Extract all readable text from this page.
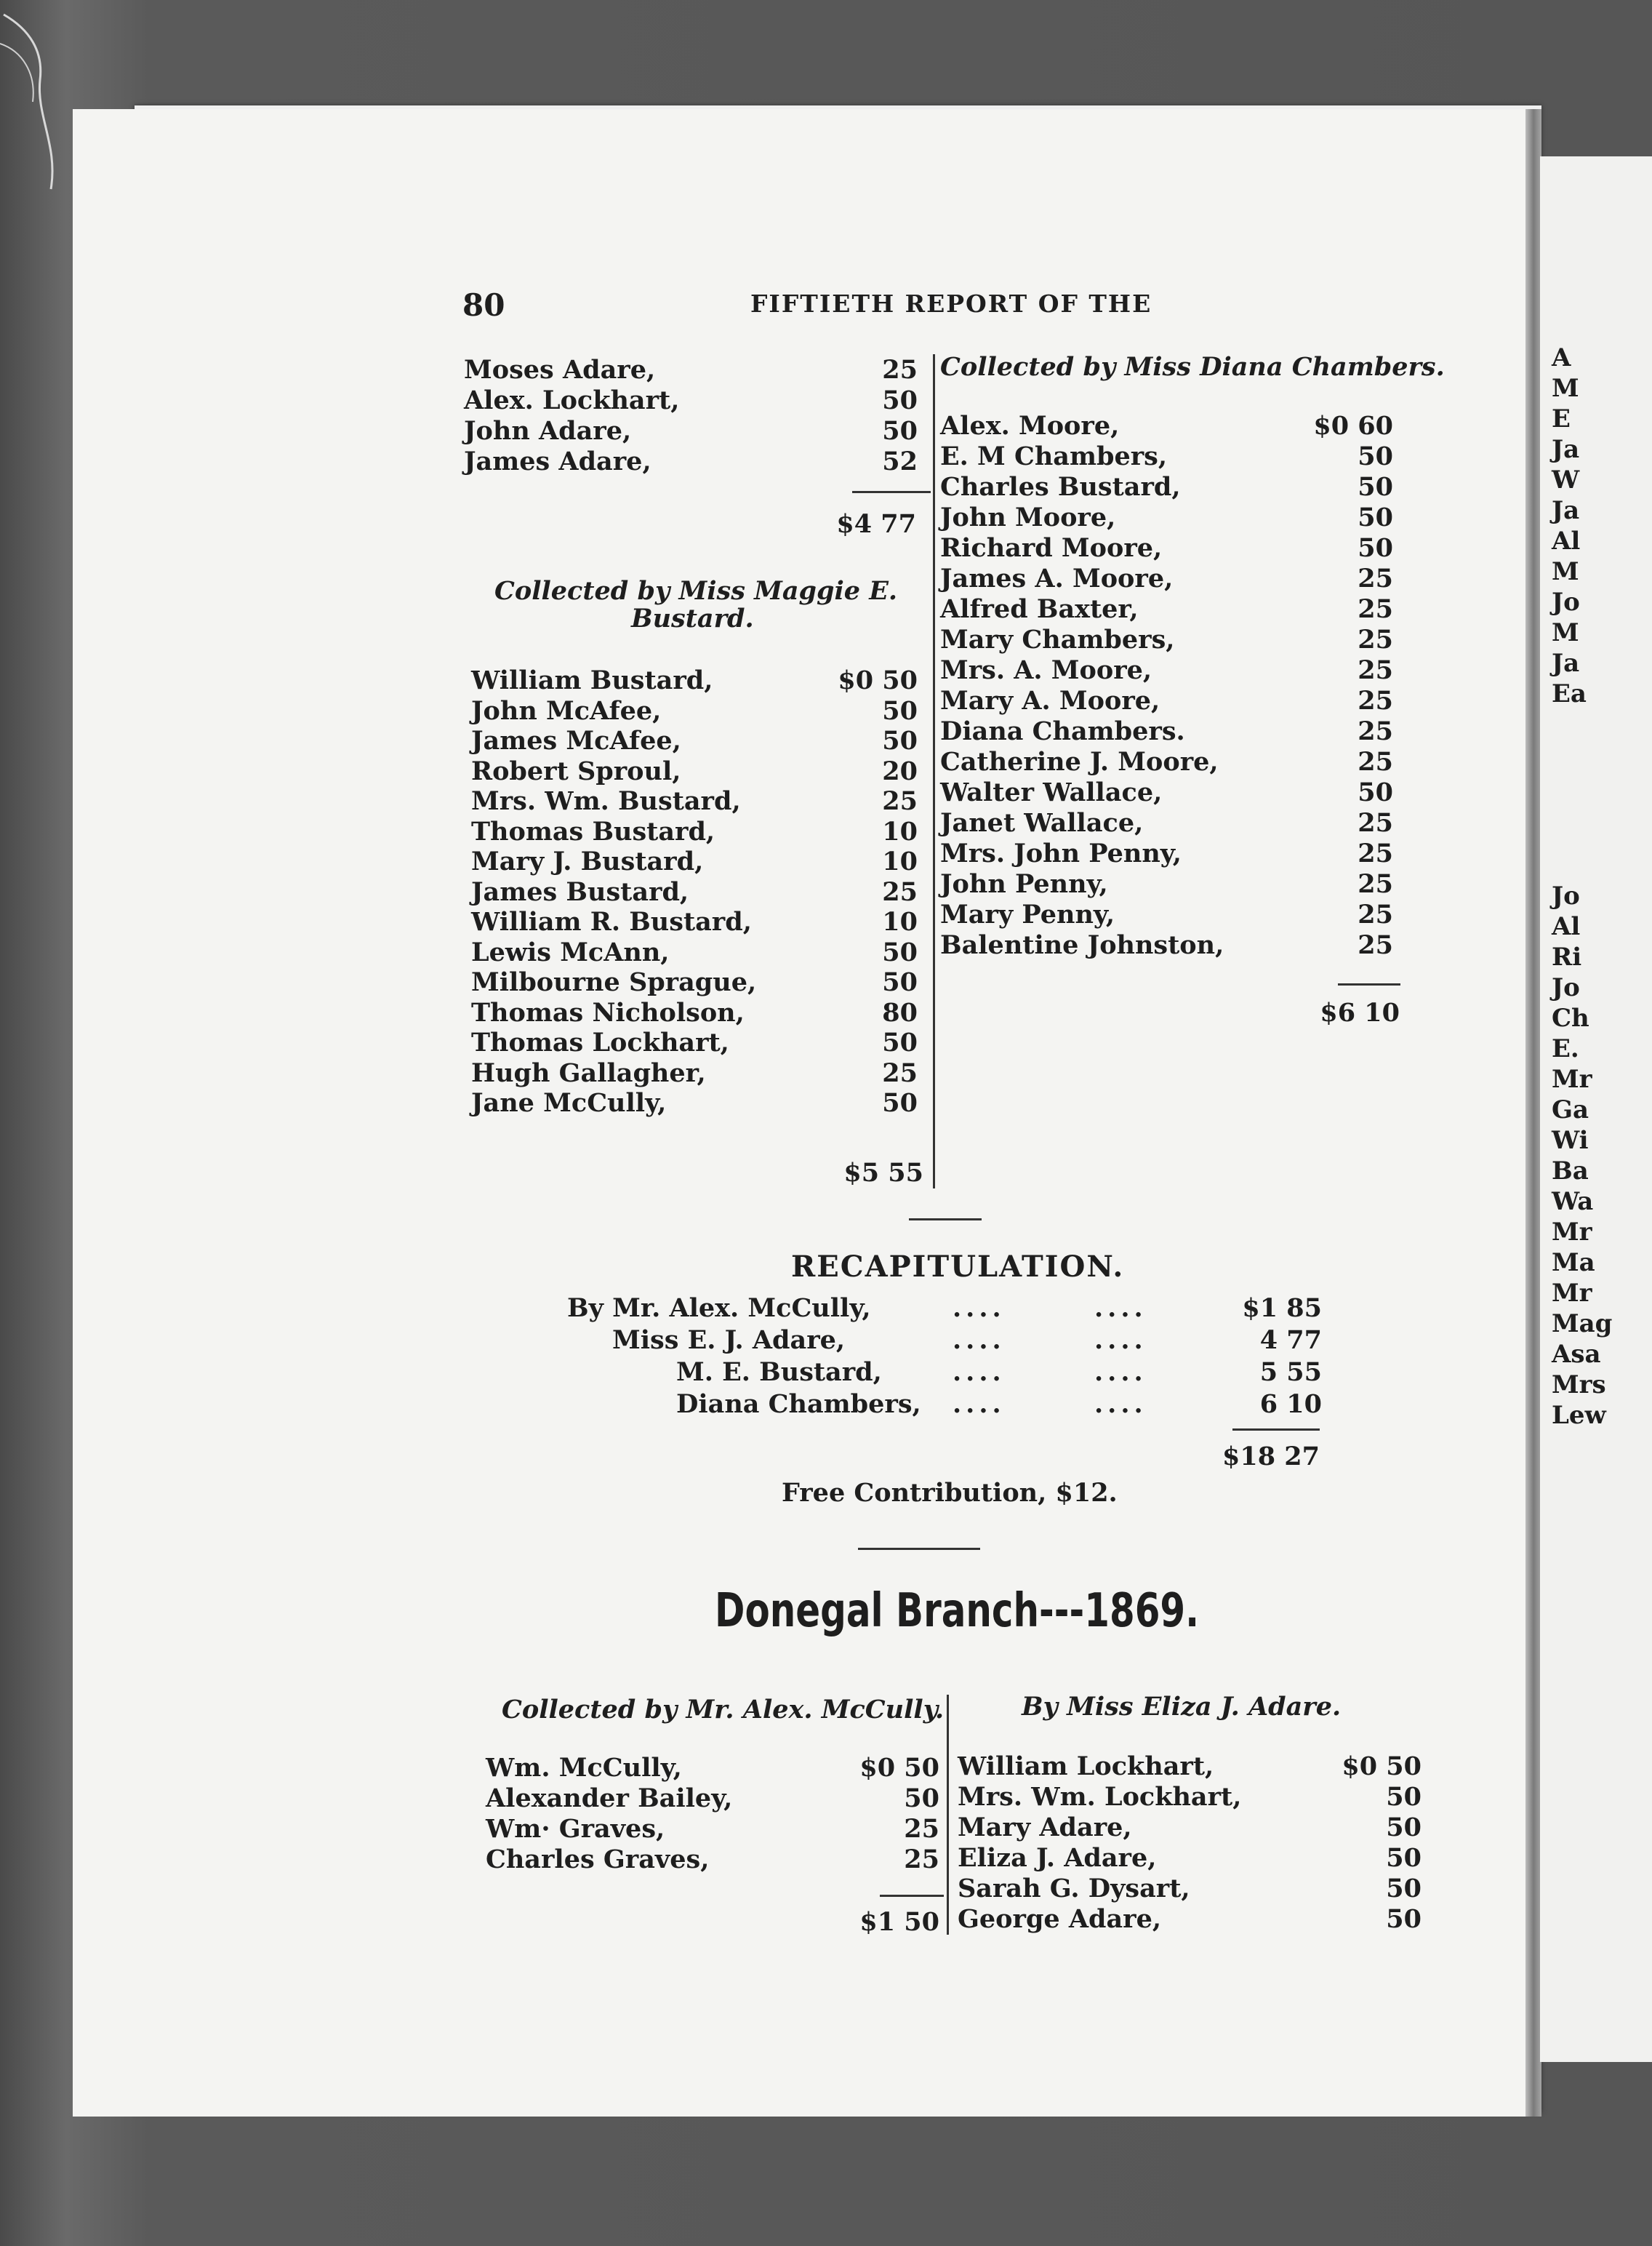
A
M
E
Ja
W
Ja
Al
M
Jo
M
Ja
Ea
Jo
Al
Ri
Jo
Ch
E.
Mr
Ga
Wi
Ba
Wa
Mr
Ma
Mr
Mag
Asa
Mrs
Lew
80	FIFTIETH REPORT OF THE
Moses Adare,	25
Alex. Lockhart,	50
John Adare,	50
James Adare,	52
$4 77
Collected by Miss Maggie E.
Bustard.
William Bustard,	$0 50
John McAfee,	50
James McAfee,	50
Robert Sproul,	20
Mrs. Wm. Bustard,	25
Thomas Bustard,	10
Mary J. Bustard,	10
James Bustard,	25
William R. Bustard,	10
Lewis McAnn,	50
Milbourne Sprague,	50
Thomas Nicholson,	80
Thomas Lockhart,	50
Hugh Gallagher,	25
Jane McCully,	50
$5 55
Collected by Miss Diana Chambers.
Alex. Moore,	$0 60
E. M Chambers,	50
Charles Bustard,	50
John Moore,	50
Richard Moore,	50
James A. Moore,	25
Alfred Baxter,	25
Mary Chambers,	25
Mrs. A. Moore,	25
Mary A. Moore,	25
Diana Chambers.	25
Catherine J. Moore,	25
Walter Wallace,	50
Janet Wallace,	25
Mrs. John Penny,	25
John Penny,	25
Mary Penny,	25
Balentine Johnston,	25
$6 10
RECAPITULATION.
By Mr. Alex. McCully,	....	....	$1 85
Miss E. J. Adare,	....	....	4 77
M. E. Bustard,	....	....	5 55
Diana Chambers, ....	....	6 10
$18 27
Free Contribution, $12.
Donegal Branch---1869.
Collected by Mr. Alex. McCully.	By Miss Eliza J. Adare.
Wm. McCully,	$0 50
Alexander Bailey,	50
Wm· Graves,	25
Charles Graves,	25
$1 50
William Lockhart,	$0 50
Mrs. Wm. Lockhart,	50
Mary Adare,	50
Eliza J. Adare,	50
Sarah G. Dysart,	50
George Adare,	50
